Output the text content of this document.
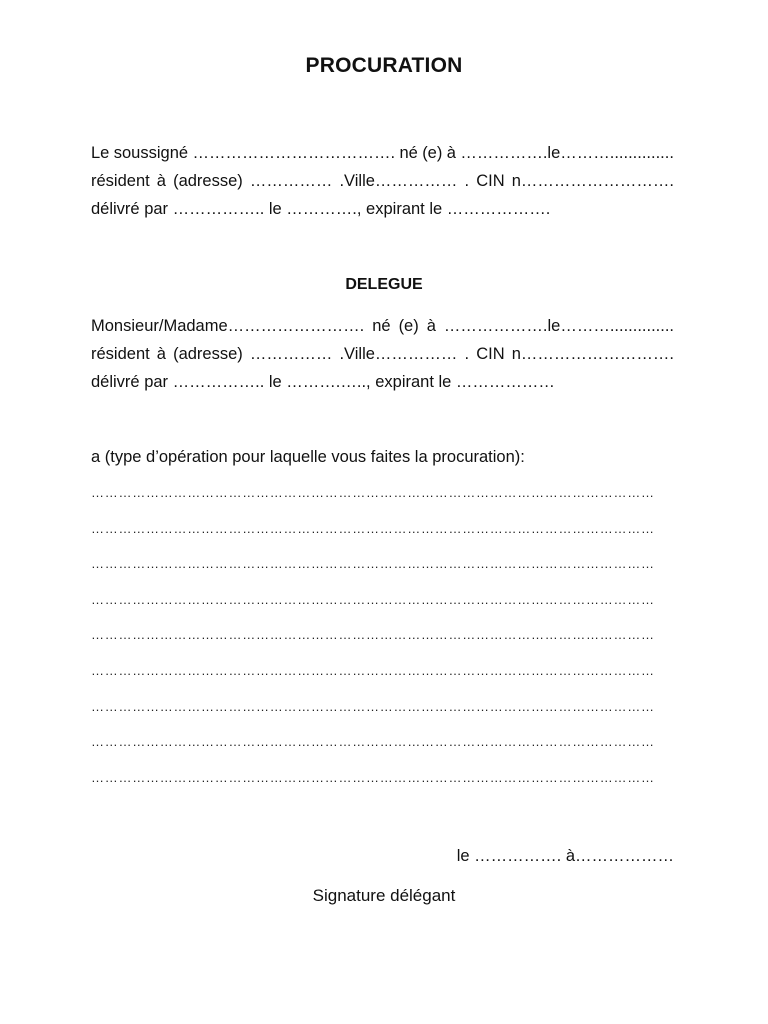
PROCURATION
Le soussigné ………………………………. né (e) à …………….le………..............
résident à (adresse) …………… .Ville…………… . CIN n……………………….
délivré par …………….. le …………., expirant le ……………….
DELEGUE
Monsieur/Madame……………………. né (e) à ……………….le………..............
résident à (adresse) …………… .Ville…………… . CIN n……………………….
délivré par …………….. le ……….….., expirant le ………………
a (type d’opération pour laquelle vous faites la procuration):
……………………………………………………………………………………………………………
……………………………………………………………………………………………………………
……………………………………………………………………………………………………………
……………………………………………………………………………………………………………
……………………………………………………………………………………………………………
……………………………………………………………………………………………………………
……………………………………………………………………………………………………………
……………………………………………………………………………………………………………
……………………………………………………………………………………………………………
le ……………. à………………
Signature délégant
